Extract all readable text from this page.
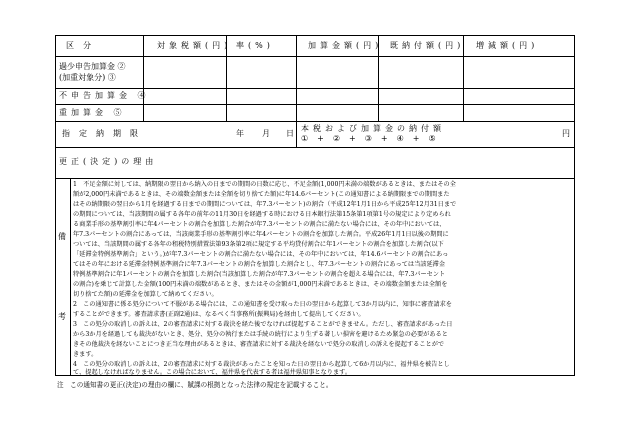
区分	対象税額(円) 率(%)	加算金額(円) 既納付額(円) 増減額(円)
過少申告加算金 ②
(加重対象分) ③
不申告加算金 ④
重加算金 ⑤
指定納期限	年 月 日
本税および加算金の納付額
①+②+③+④+⑤
円
更正(決定)の理由
備
考
1　不足金額に対しては、納期限の翌日から納入の日までの期間の日数に応じ、不足金額(1,000円未満の端数があるときは、またはその全
額が2,000円未満であるときは、その端数金額または全額を切り捨てた額)に年14.6パーセント(この通知書による納期限までの期間また
はその納期限の翌日から1月を経過する日までの期間については、年7.3パーセント)の割合（平成12年1月1日から平成25年12月31日まで
の期間については、当該期間の属する各年の前年の11月30日を経過する時における日本銀行法第15条第1項第1号の規定により定められ
る商業手形の基準割引率に年4パーセントの割合を加算した割合が年7.3パーセントの割合に満たない場合には、その年中においては、
年7.3パーセントの割合にあっては、当該商業手形の基準割引率に年4パーセントの割合を加算した割合。平成26年1月1日以後の期間に
ついては、当該期間の属する各年の租税特別措置法第93条第2項に規定する平均貸付割合に年1パーセントの割合を加算した割合(以下
「延滞金特例基準割合」という。)が年7.3パーセントの割合に満たない場合には、その年中においては、年14.6パーセントの割合にあっ
てはその年における延滞金特例基準割合に年7.3パーセントの割合を加算した割合とし、年7.3パーセントの割合にあっては当該延滞金
特例基準割合に年1パーセントの割合を加算した割合(当該加算した割合が年7.3パーセントの割合を超える場合には、年7.3パーセント
の割合)を乗じて計算した金額(100円未満の端数があるとき、またはその金額が1,000円未満であるときは、その端数金額または全額を
切り捨てた額)の延滞金を加算して納めてください。
2　この通知書に係る処分について不服がある場合には、この通知書を受け取った日の翌日から起算して3か月以内に、知事に審査請求を
することができます。審査請求書(正副2通)は、なるべく当事務所(振興局)を経由して提出してください。
3　この処分の取消しの訴えは、2の審査請求に対する裁決を経た後でなければ提起することができません。ただし、審査請求があった日
から3か月を経過しても裁決がないとき、処分、処分の執行または手続の続行により生ずる著しい損害を避けるため緊急の必要があると
きその他裁決を経ないことにつき正当な理由があるときは、審査請求に対する裁決を経ないで処分の取消しの訴えを提起することがで
きます。
4　この処分の取消しの訴えは、2の審査請求に対する裁決があったことを知った日の翌日から起算して6か月以内に、福井県を被告とし
て、提起しなければなりません。この場合において、福井県を代表する者は福井県知事となります。
注　この通知書の更正(決定)の理由の欄に、賦課の根拠となった法律の規定を記載すること。
